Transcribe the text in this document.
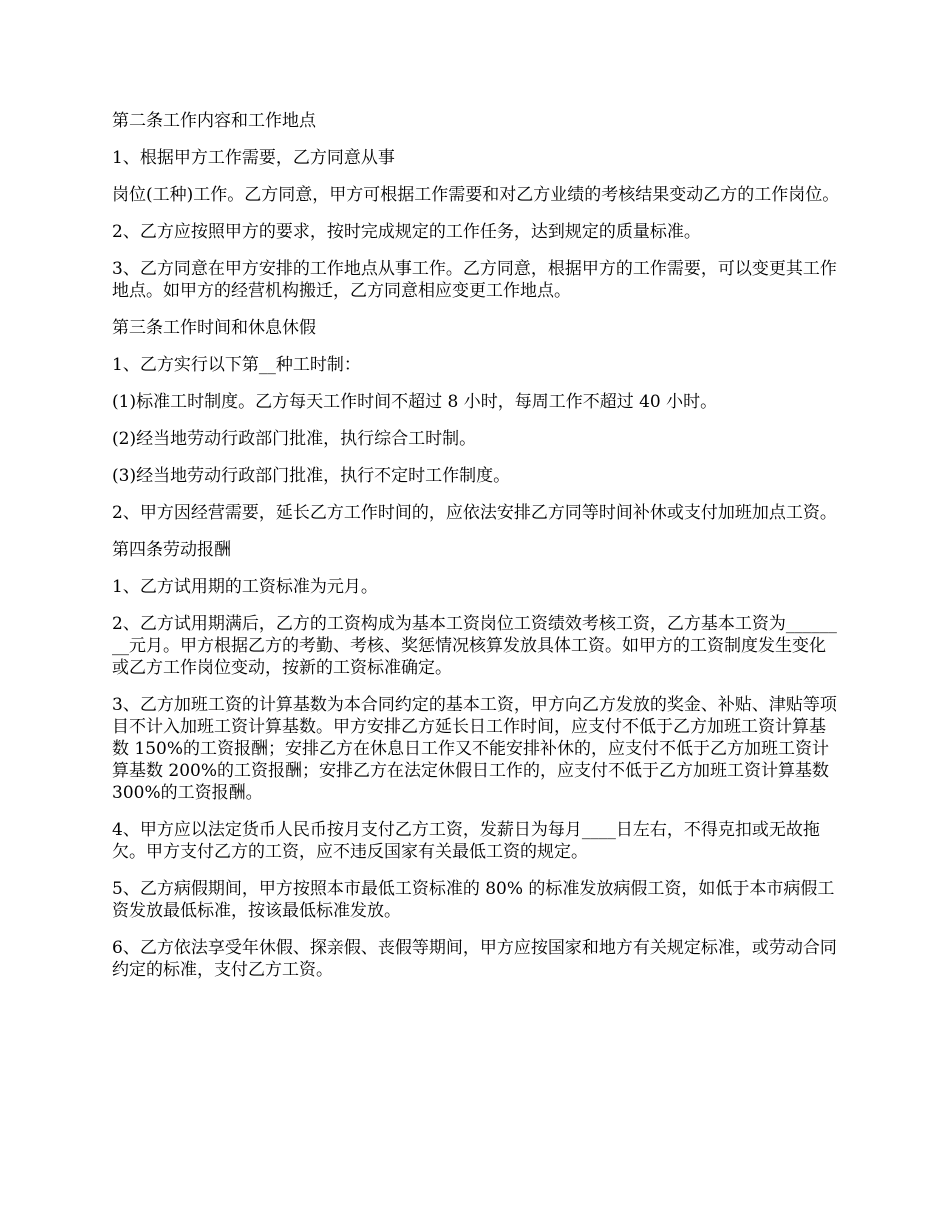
第二条工作内容和工作地点

1、根据甲方工作需要，乙方同意从事

岗位(工种)工作。乙方同意，甲方可根据工作需要和对乙方业绩的考核结果变动乙方的工作岗位。

2、乙方应按照甲方的要求，按时完成规定的工作任务，达到规定的质量标准。

3、乙方同意在甲方安排的工作地点从事工作。乙方同意，根据甲方的工作需要，可以变更其工作地点。如甲方的经营机构搬迁，乙方同意相应变更工作地点。

第三条工作时间和休息休假

1、乙方实行以下第__种工时制：

(1)标准工时制度。乙方每天工作时间不超过 8 小时，每周工作不超过 40 小时。

(2)经当地劳动行政部门批准，执行综合工时制。

(3)经当地劳动行政部门批准，执行不定时工作制度。

2、甲方因经营需要，延长乙方工作时间的，应依法安排乙方同等时间补休或支付加班加点工资。

第四条劳动报酬

1、乙方试用期的工资标准为元月。

2、乙方试用期满后，乙方的工资构成为基本工资岗位工资绩效考核工资，乙方基本工资为________元月。甲方根据乙方的考勤、考核、奖惩情况核算发放具体工资。如甲方的工资制度发生变化或乙方工作岗位变动，按新的工资标准确定。

3、乙方加班工资的计算基数为本合同约定的基本工资，甲方向乙方发放的奖金、补贴、津贴等项目不计入加班工资计算基数。甲方安排乙方延长日工作时间，应支付不低于乙方加班工资计算基数 150%的工资报酬；安排乙方在休息日工作又不能安排补休的，应支付不低于乙方加班工资计算基数 200%的工资报酬；安排乙方在法定休假日工作的，应支付不低于乙方加班工资计算基数 300%的工资报酬。

4、甲方应以法定货币人民币按月支付乙方工资，发薪日为每月____日左右，不得克扣或无故拖欠。甲方支付乙方的工资，应不违反国家有关最低工资的规定。

5、乙方病假期间，甲方按照本市最低工资标准的 80% 的标准发放病假工资，如低于本市病假工资发放最低标准，按该最低标准发放。

6、乙方依法享受年休假、探亲假、丧假等期间，甲方应按国家和地方有关规定标准，或劳动合同约定的标准，支付乙方工资。
